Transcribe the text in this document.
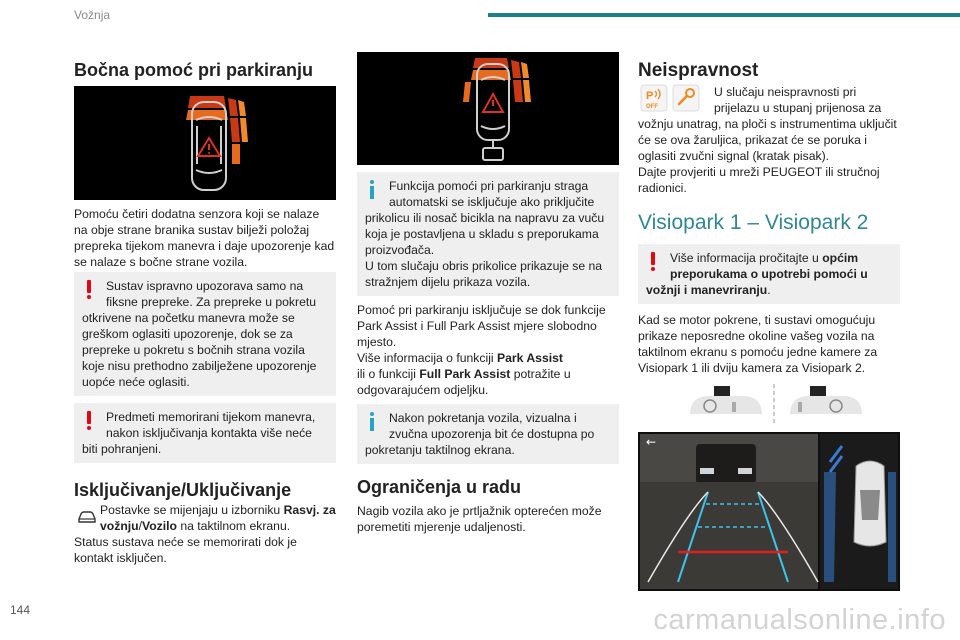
Vožnja
Bočna pomoć pri parkiranju
Pomoću četiri dodatna senzora koji se nalaze na obje strane branika sustav bilježi položaj prepreka tijekom manevra i daje upozorenje kad se nalaze s bočne strane vozila.
Sustav ispravno upozorava samo na fiksne prepreke. Za prepreke u pokretu
otkrivene na početku manevra može se greškom oglasiti upozorenje, dok se za prepreke u pokretu s bočnih strana vozila koje nisu prethodno zabilježene upozorenje uopće neće oglasiti.
Predmeti memorirani tijekom manevra, nakon isključivanja kontakta više neće
biti pohranjeni.
Isključivanje/Uključivanje
Postavke se mijenjaju u izborniku Rasvj. za vožnju/Vozilo na taktilnom ekranu.
Status sustava neće se memorirati dok je kontakt isključen.
Funkcija pomoći pri parkiranju straga automatski se isključuje ako priključite
prikolicu ili nosač bicikla na napravu za vuču koja je postavljena u skladu s preporukama proizvođača.
U tom slučaju obris prikolice prikazuje se na stražnjem dijelu prikaza vozila.
Pomoć pri parkiranju isključuje se dok funkcije Park Assist i Full Park Assist mjere slobodno mjesto.
Više informacija o funkciji Park Assist
ili o funkciji Full Park Assist potražite u
odgovarajućem odjeljku.
Nakon pokretanja vozila, vizualna i zvučna upozorenja bit će dostupna po
pokretanju taktilnog ekrana.
Ograničenja u radu
Nagib vozila ako je prtljažnik opterećen može poremetiti mjerenje udaljenosti.
Neispravnost
P
OFF
U slučaju neispravnosti pri prijelazu u stupanj prijenosa za
vožnju unatrag, na ploči s instrumentima uključit će se ova žaruljica, prikazat će se poruka i oglasiti zvučni signal (kratak pisak).
Dajte provjeriti u mreži PEUGEOT ili stručnoj radionici.
Visiopark 1 – Visiopark 2
Više informacija pročitajte u općim preporukama o upotrebi pomoći u
vožnji i manevriranju.
Kad se motor pokrene, ti sustavi omogućuju prikaze neposredne okoline vašeg vozila na taktilnom ekranu s pomoću jedne kamere za Visiopark 1 ili dviju kamera za Visiopark 2.
←
144	carmanualsonline.info
